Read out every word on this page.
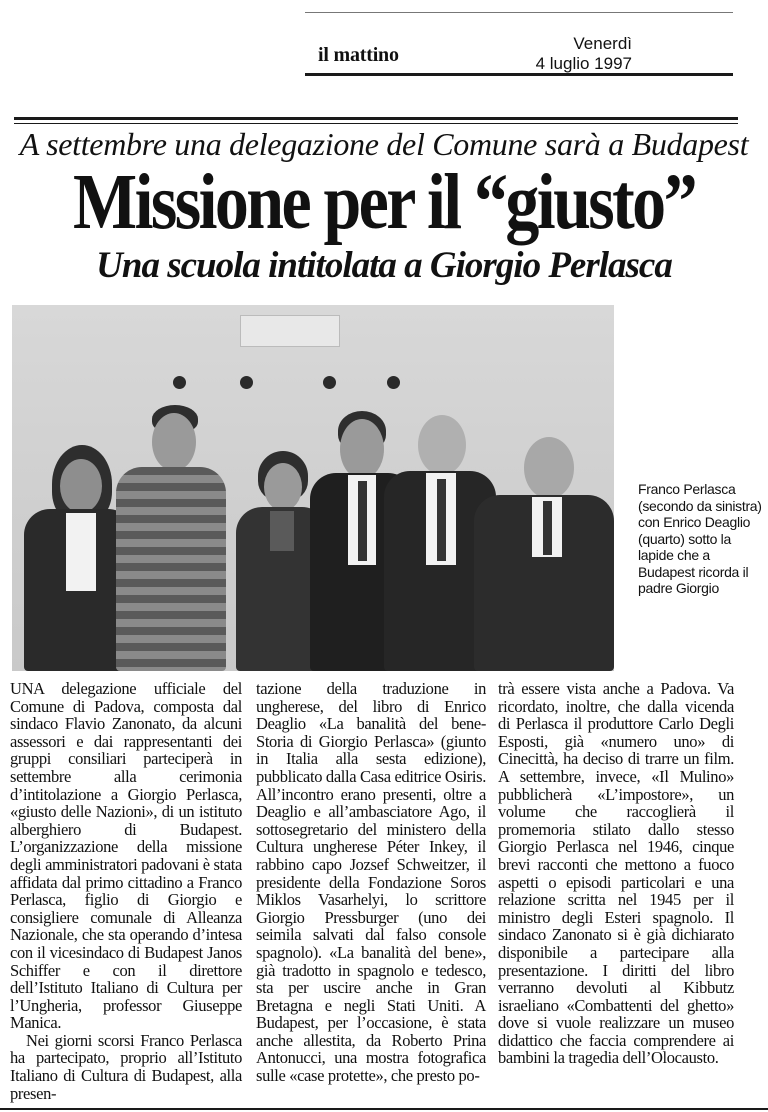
il mattino
Venerdì
4 luglio 1997
A settembre una delegazione del Comune sarà a Budapest
Missione per il “giusto”
Una scuola intitolata a Giorgio Perlasca
Franco Perlasca (secondo da sinistra) con Enrico Deaglio (quarto) sotto la lapide che a Budapest ricorda il padre Giorgio

UNA delegazione ufficiale del Comune di Padova, composta dal sindaco Flavio Zanonato, da alcuni assessori e dai rappresentanti dei gruppi consiliari parteciperà in settembre alla cerimonia d’intitolazione a Giorgio Perlasca, «giusto delle Nazioni», di un istituto alberghiero di Budapest. L’organizzazione della missione degli amministratori padovani è stata affidata dal primo cittadino a Franco Perlasca, figlio di Giorgio e consigliere comunale di Alleanza Nazionale, che sta operando d’intesa con il vicesindaco di Budapest Janos Schiffer e con il direttore dell’Istituto Italiano di Cultura per l’Ungheria, professor Giuseppe Manica.

Nei giorni scorsi Franco Perlasca ha partecipato, proprio all’Istituto Italiano di Cultura di Budapest, alla presen-

tazione della traduzione in ungherese, del libro di Enrico Deaglio «La banalità del bene-Storia di Giorgio Perlasca» (giunto in Italia alla sesta edizione), pubblicato dalla Casa editrice Osiris. All’incontro erano presenti, oltre a Deaglio e all’ambasciatore Ago, il sottosegretario del ministero della Cultura ungherese Péter Inkey, il rabbino capo Jozsef Schweitzer, il presidente della Fondazione Soros Miklos Vasarhelyi, lo scrittore Giorgio Pressburger (uno dei seimila salvati dal falso console spagnolo). «La banalità del bene», già tradotto in spagnolo e tedesco, sta per uscire anche in Gran Bretagna e negli Stati Uniti. A Budapest, per l’occasione, è stata anche allestita, da Roberto Prina Antonucci, una mostra fotografica sulle «case protette», che presto po-

trà essere vista anche a Padova. Va ricordato, inoltre, che dalla vicenda di Perlasca il produttore Carlo Degli Esposti, già «numero uno» di Cinecittà, ha deciso di trarre un film. A settembre, invece, «Il Mulino» pubblicherà «L’impostore», un volume che raccoglierà il promemoria stilato dallo stesso Giorgio Perlasca nel 1946, cinque brevi racconti che mettono a fuoco aspetti o episodi particolari e una relazione scritta nel 1945 per il ministro degli Esteri spagnolo. Il sindaco Zanonato si è già dichiarato disponibile a partecipare alla presentazione. I diritti del libro verranno devoluti al Kibbutz israeliano «Combattenti del ghetto» dove si vuole realizzare un museo didattico che faccia comprendere ai bambini la tragedia dell’Olocausto.
